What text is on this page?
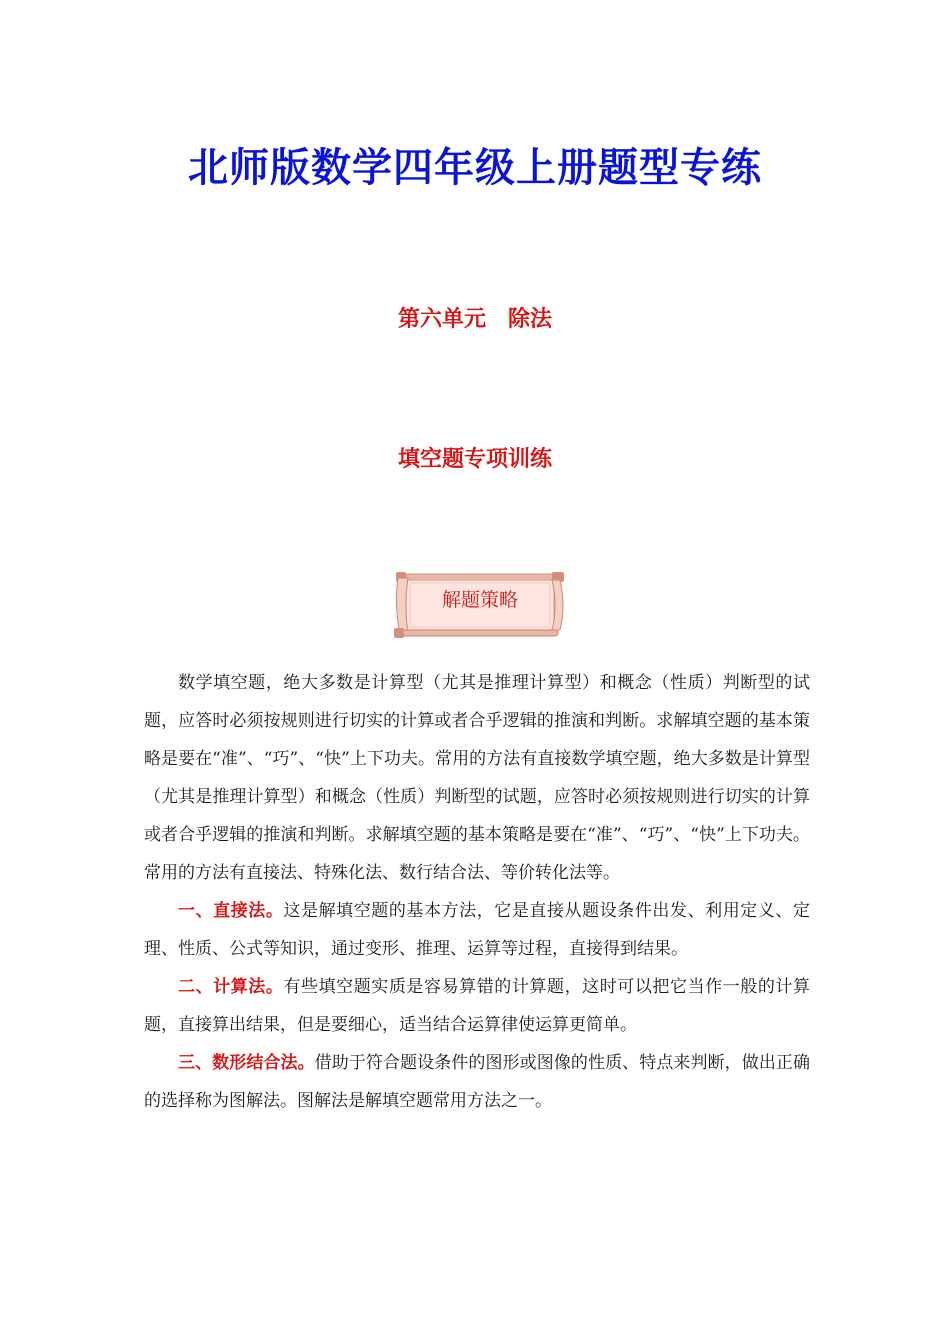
北师版数学四年级上册题型专练
第六单元　除法
填空题专项训练
解题策略

数学填空题，绝大多数是计算型（尤其是推理计算型）和概念（性质）判断型的试题，应答时必须按规则进行切实的计算或者合乎逻辑的推演和判断。求解填空题的基本策略是要在“准”、“巧”、“快”上下功夫。常用的方法有直接数学填空题，绝大多数是计算型（尤其是推理计算型）和概念（性质）判断型的试题，应答时必须按规则进行切实的计算或者合乎逻辑的推演和判断。求解填空题的基本策略是要在“准”、“巧”、“快”上下功夫。常用的方法有直接法、特殊化法、数行结合法、等价转化法等。

一、直接法。这是解填空题的基本方法，它是直接从题设条件出发、利用定义、定理、性质、公式等知识，通过变形、推理、运算等过程，直接得到结果。

二、计算法。有些填空题实质是容易算错的计算题，这时可以把它当作一般的计算题，直接算出结果，但是要细心，适当结合运算律使运算更简单。

三、数形结合法。借助于符合题设条件的图形或图像的性质、特点来判断，做出正确的选择称为图解法。图解法是解填空题常用方法之一。
